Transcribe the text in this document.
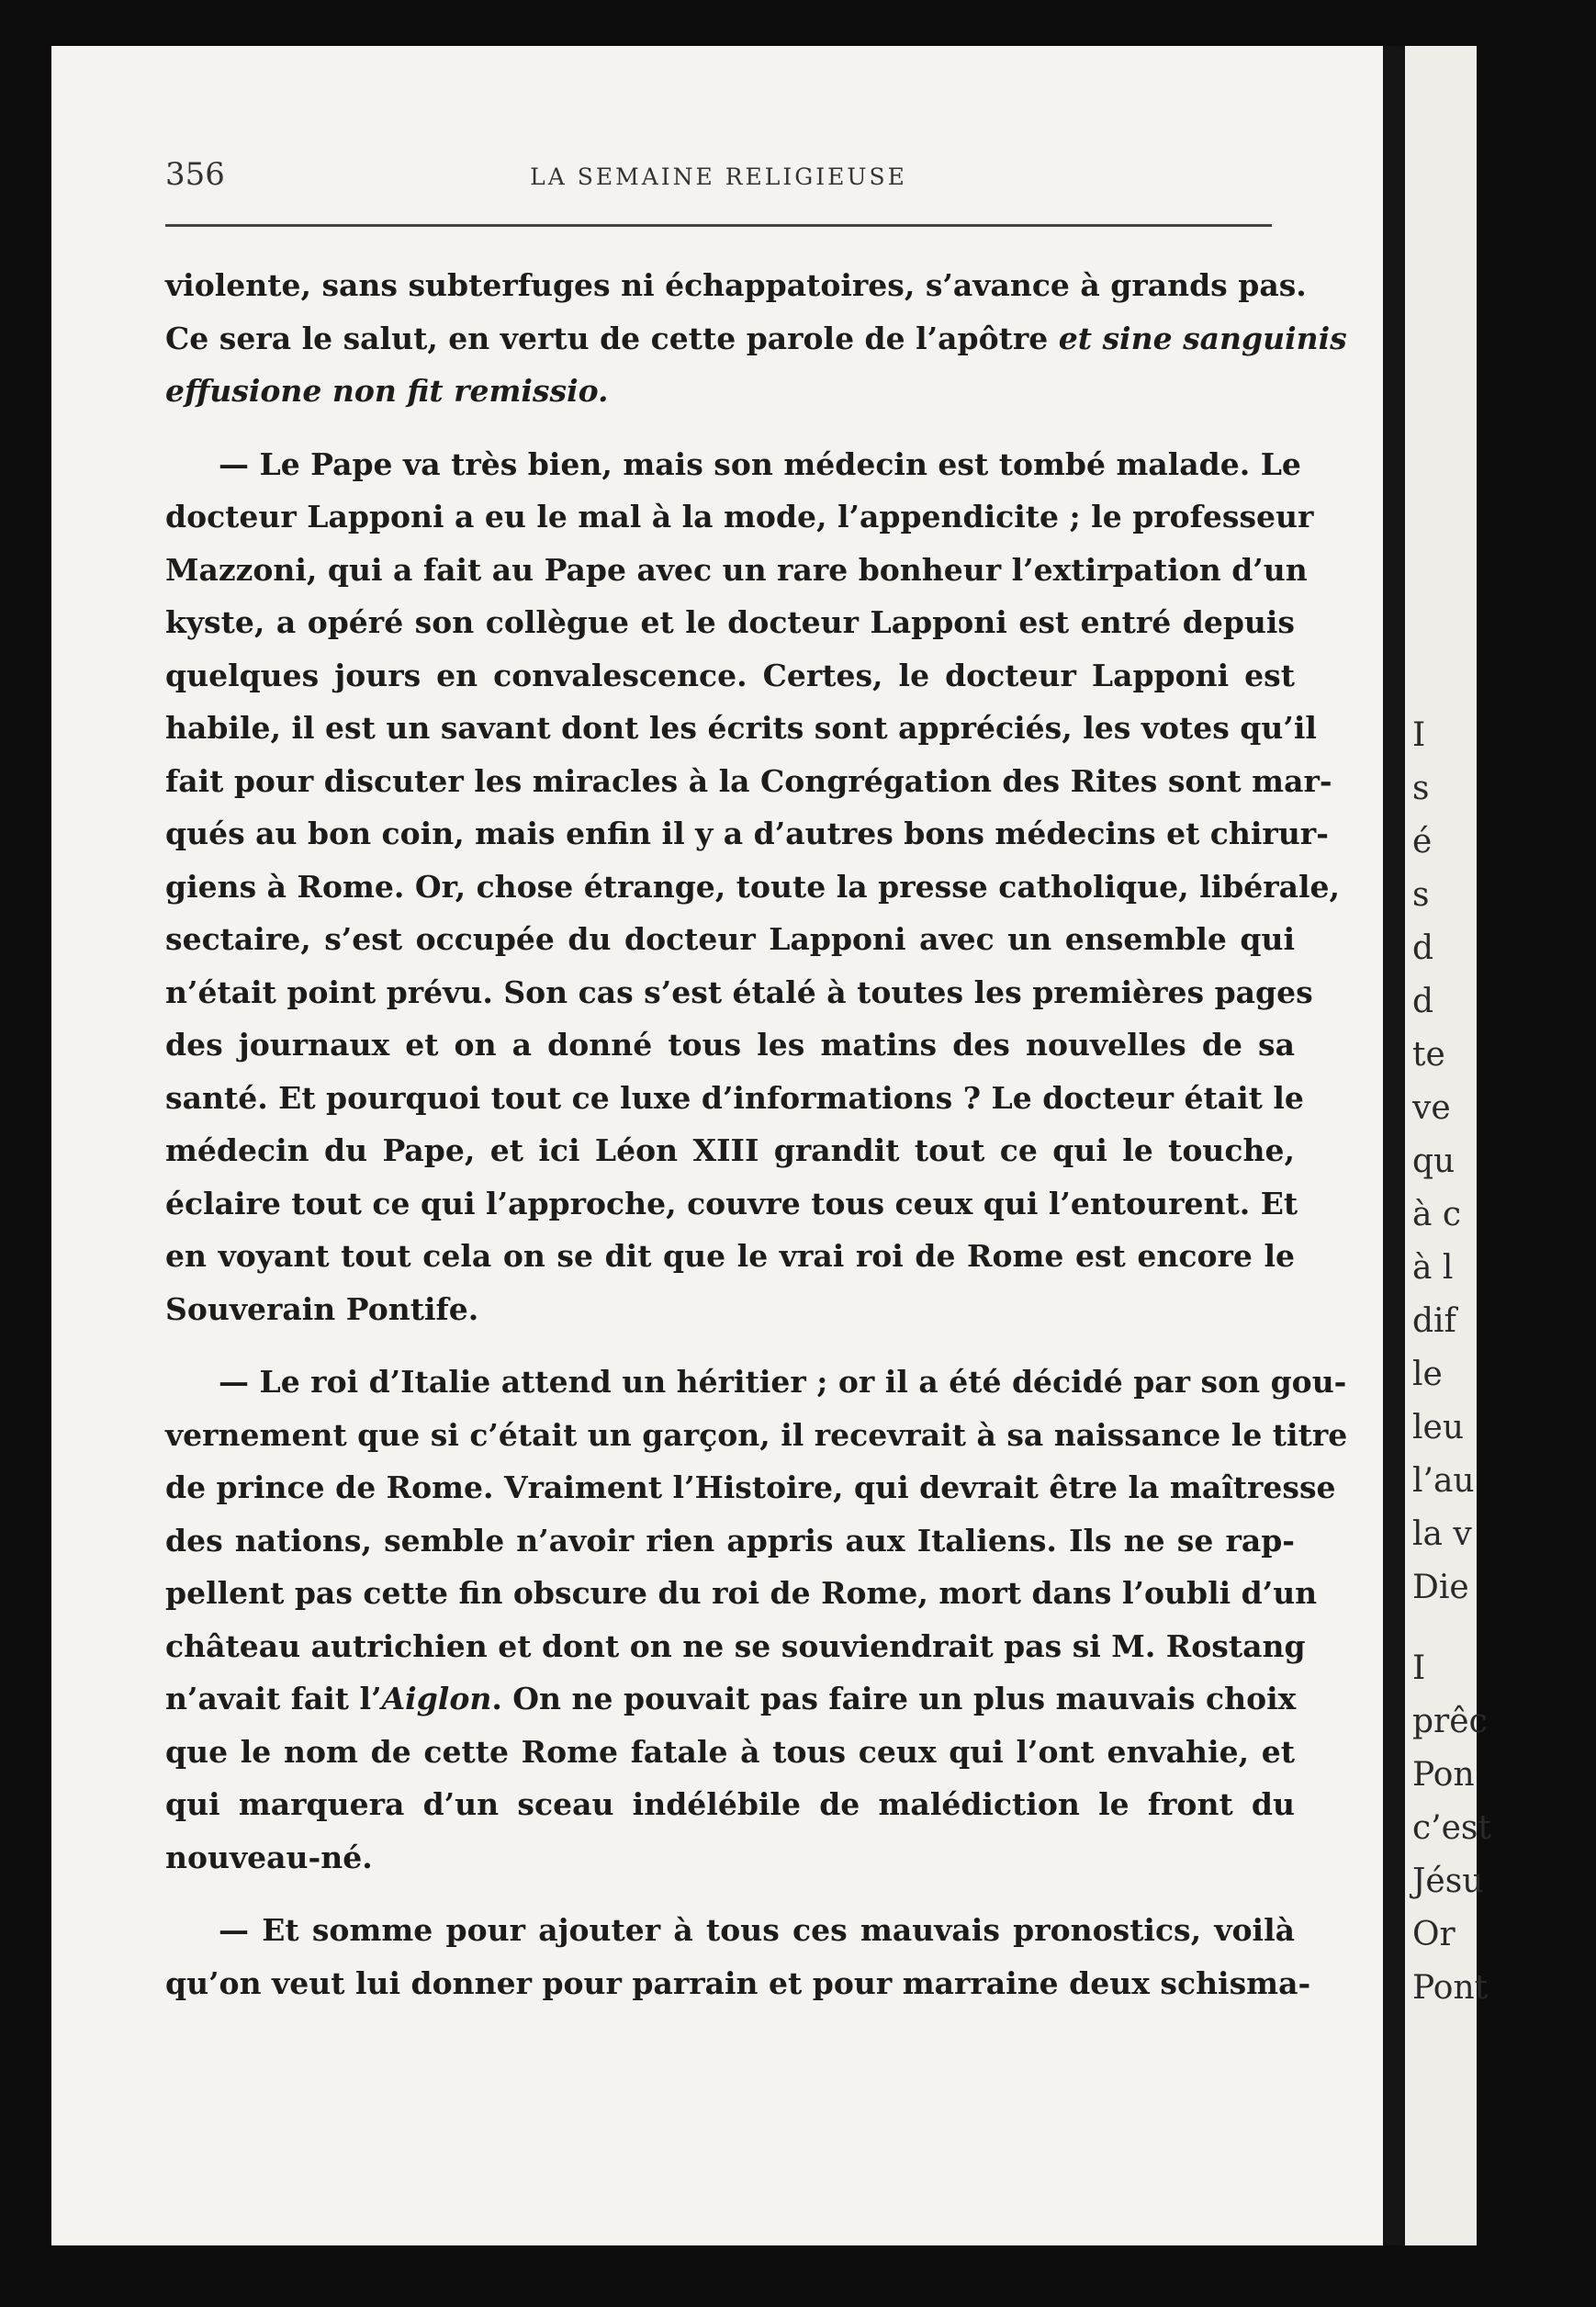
I
s
é
s
d
d
te
ve
qu
à c
à l
dif
le
leu
l’au
la v
Die
I
prêc
Pon
c’est
Jésu
Or
Pont
356	LA SEMAINE RELIGIEUSE
violente, sans subterfuges ni échappatoires, s’avance à grands pas.
Ce sera le salut, en vertu de cette parole de l’apôtre et sine sanguinis
effusione non fit remissio.
— Le Pape va très bien, mais son médecin est tombé malade. Le
docteur Lapponi a eu le mal à la mode, l’appendicite ; le professeur
Mazzoni, qui a fait au Pape avec un rare bonheur l’extirpation d’un
kyste, a opéré son collègue et le docteur Lapponi est entré depuis
quelques jours en convalescence. Certes, le docteur Lapponi est
habile, il est un savant dont les écrits sont appréciés, les votes qu’il
fait pour discuter les miracles à la Congrégation des Rites sont mar-
qués au bon coin, mais enfin il y a d’autres bons médecins et chirur-
giens à Rome. Or, chose étrange, toute la presse catholique, libérale,
sectaire, s’est occupée du docteur Lapponi avec un ensemble qui
n’était point prévu. Son cas s’est étalé à toutes les premières pages
des journaux et on a donné tous les matins des nouvelles de sa
santé. Et pourquoi tout ce luxe d’informations ? Le docteur était le
médecin du Pape, et ici Léon XIII grandit tout ce qui le touche,
éclaire tout ce qui l’approche, couvre tous ceux qui l’entourent. Et
en voyant tout cela on se dit que le vrai roi de Rome est encore le
Souverain Pontife.
— Le roi d’Italie attend un héritier ; or il a été décidé par son gou-
vernement que si c’était un garçon, il recevrait à sa naissance le titre
de prince de Rome. Vraiment l’Histoire, qui devrait être la maîtresse
des nations, semble n’avoir rien appris aux Italiens. Ils ne se rap-
pellent pas cette fin obscure du roi de Rome, mort dans l’oubli d’un
château autrichien et dont on ne se souviendrait pas si M. Rostang
n’avait fait l’Aiglon. On ne pouvait pas faire un plus mauvais choix
que le nom de cette Rome fatale à tous ceux qui l’ont envahie, et
qui marquera d’un sceau indélébile de malédiction le front du
nouveau-né.
— Et somme pour ajouter à tous ces mauvais pronostics, voilà
qu’on veut lui donner pour parrain et pour marraine deux schisma-
